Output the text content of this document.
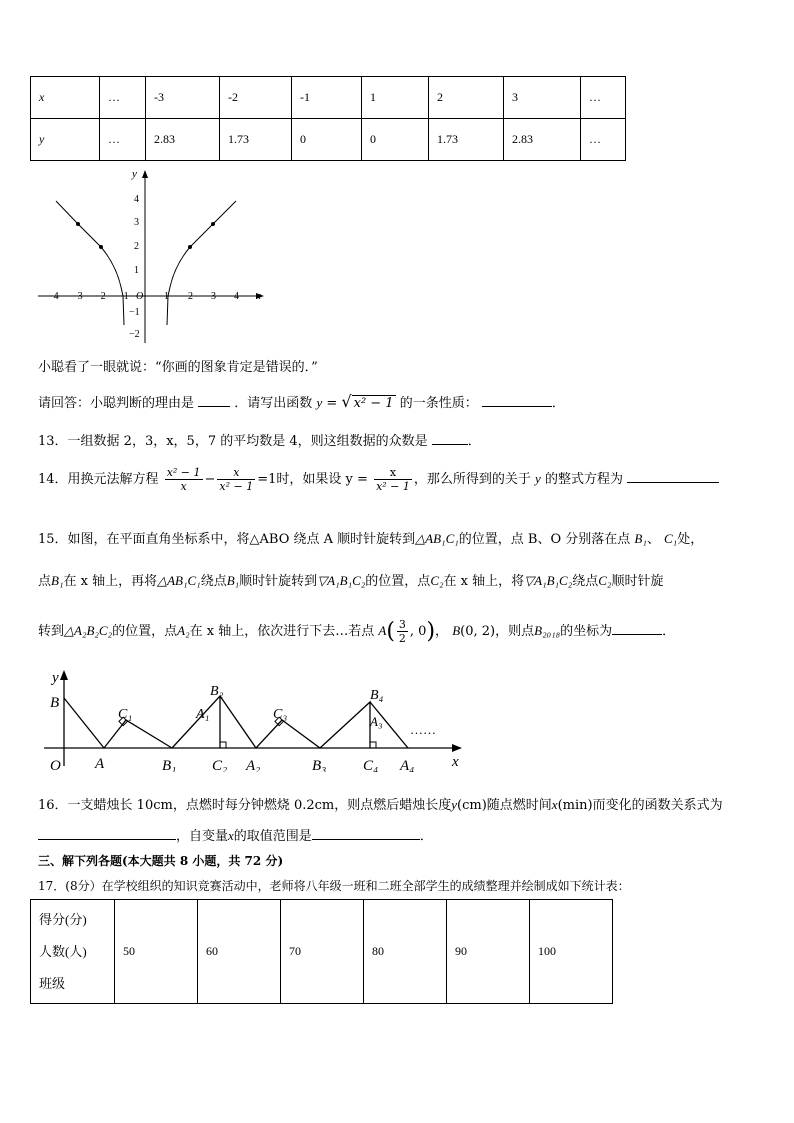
x	…	-3	-2	-1	1	2	3	…
y	…	2.83	1.73	0	0	1.73	2.83	…
y
x
O
−4 −3 −2 −1	1 2 3 4
4
3
2
1
−1
−2
小聪看了一眼就说：“你画的图象肯定是错误的．”
请回答：小聪判断的理由是	．请写出函数 y = √ x² − 1 的一条性质：	．
13．一组数据 2，3，x，5，7 的平均数是 4，则这组数据的众数是	．
14．用换元法解方程 $\frac{\text{x² − 1}}{x} - \frac{x}{\text{x² − 1}} =1$时，如果设 $y = \frac{x}{\text{x² − 1}}$ ，那么所得到的关于 y 的整式方程为
15．如图，在平面直角坐标系中，将△ABO 绕点 A 顺时针旋转到△AB₁C₁的位置，点 B、O 分别落在点 B₁、 C₁处，
点B₁在 x 轴上，再将△AB₁C₁绕点B₁顺时针旋转到▽A₁B₁C₂的位置，点C₂在 x 轴上，将▽A₁B₁C₂绕点C₂顺时针旋
转到△A₂B₂C₂的位置，点A₂在 x 轴上，依次进行下去…若点 $A( \frac{3}{2}$ , 0)， B(0, 2)，则点B₂₀₁₈的坐标为	．
y
B
O A
C₁
B₁
B₂
A₁
C₂ A₂
C₃
B₃
B₄
A₃
C₄ A₄	x
……
16．一支蜡烛长 10cm，点燃时每分钟燃烧 0.2cm，则点燃后蜡烛长度y(cm)随点燃时间x(min)而变化的函数关系式为
，自变量x的取值范围是	．
三、解下列各题(本大题共 8 小题，共 72 分)
17．(8分）在学校组织的知识竞赛活动中，老师将八年级一班和二班全部学生的成绩整理并绘制成如下统计表：
得分(分)
人数(人)
班级
	50	60	70	80	90	100
